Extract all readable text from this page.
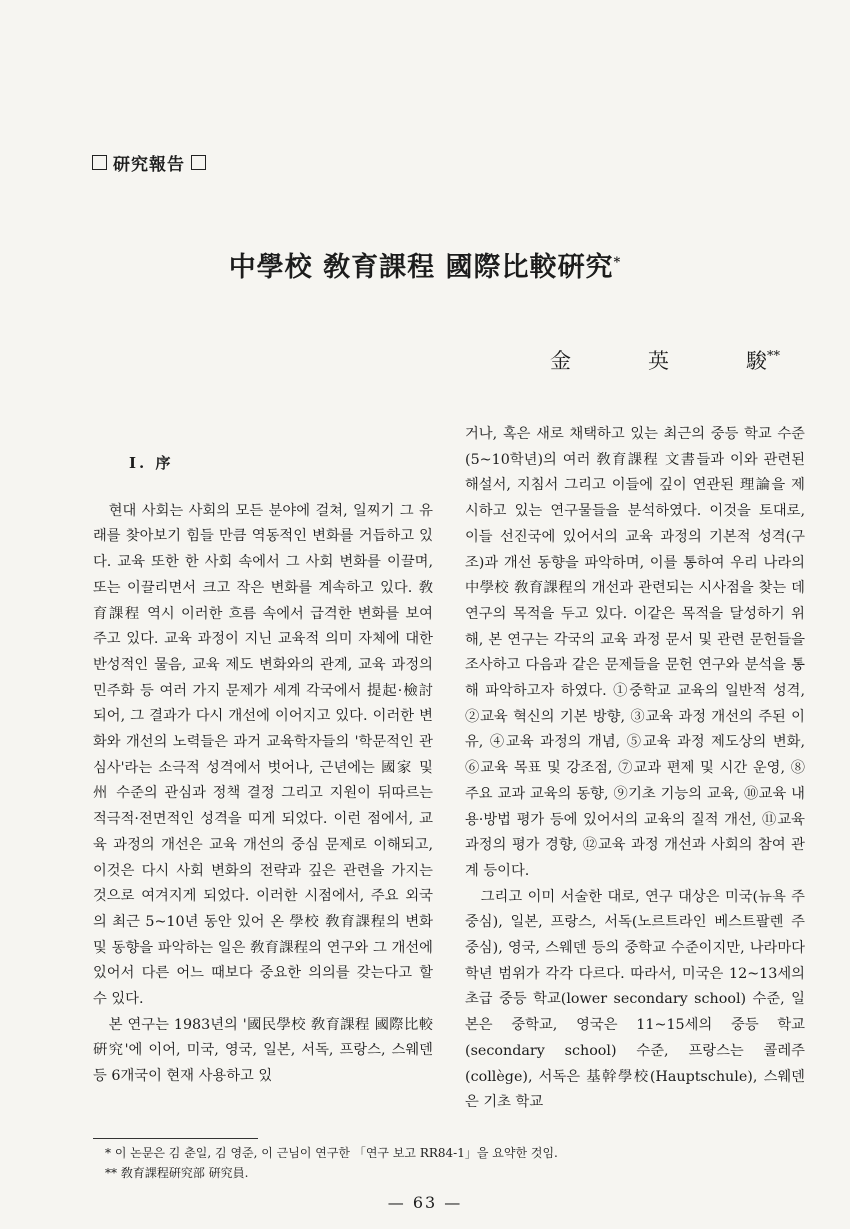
研究報告
中學校 敎育課程 國際比較硏究*
金	英	駿**
I. 序

현대 사회는 사회의 모든 분야에 걸쳐, 일찌기 그 유래를 찾아보기 힘들 만큼 역동적인 변화를 거듭하고 있다. 교육 또한 한 사회 속에서 그 사회 변화를 이끌며, 또는 이끌리면서 크고 작은 변화를 계속하고 있다. 敎育課程 역시 이러한 흐름 속에서 급격한 변화를 보여 주고 있다. 교육 과정이 지닌 교육적 의미 자체에 대한 반성적인 물음, 교육 제도 변화와의 관계, 교육 과정의 민주화 등 여러 가지 문제가 세계 각국에서 提起·檢討되어, 그 결과가 다시 개선에 이어지고 있다. 이러한 변화와 개선의 노력들은 과거 교육학자들의 '학문적인 관심사'라는 소극적 성격에서 벗어나, 근년에는 國家 및 州 수준의 관심과 정책 결정 그리고 지원이 뒤따르는 적극적·전면적인 성격을 띠게 되었다. 이런 점에서, 교육 과정의 개선은 교육 개선의 중심 문제로 이해되고, 이것은 다시 사회 변화의 전략과 깊은 관련을 가지는 것으로 여겨지게 되었다. 이러한 시점에서, 주요 외국의 최근 5~10년 동안 있어 온 學校 敎育課程의 변화 및 동향을 파악하는 일은 敎育課程의 연구와 그 개선에 있어서 다른 어느 때보다 중요한 의의를 갖는다고 할 수 있다.

본 연구는 1983년의 '國民學校 敎育課程 國際比較硏究'에 이어, 미국, 영국, 일본, 서독, 프랑스, 스웨덴 등 6개국이 현재 사용하고 있

거나, 혹은 새로 채택하고 있는 최근의 중등 학교 수준(5~10학년)의 여러 敎育課程 文書들과 이와 관련된 해설서, 지침서 그리고 이들에 깊이 연관된 理論을 제시하고 있는 연구물들을 분석하였다. 이것을 토대로, 이들 선진국에 있어서의 교육 과정의 기본적 성격(구조)과 개선 동향을 파악하며, 이를 통하여 우리 나라의 中學校 敎育課程의 개선과 관련되는 시사점을 찾는 데 연구의 목적을 두고 있다. 이같은 목적을 달성하기 위해, 본 연구는 각국의 교육 과정 문서 및 관련 문헌들을 조사하고 다음과 같은 문제들을 문헌 연구와 분석을 통해 파악하고자 하였다. ①중학교 교육의 일반적 성격, ②교육 혁신의 기본 방향, ③교육 과정 개선의 주된 이유, ④교육 과정의 개념, ⑤교육 과정 제도상의 변화, ⑥교육 목표 및 강조점, ⑦교과 편제 및 시간 운영, ⑧주요 교과 교육의 동향, ⑨기초 기능의 교육, ⑩교육 내용·방법 평가 등에 있어서의 교육의 질적 개선, ⑪교육 과정의 평가 경향, ⑫교육 과정 개선과 사회의 참여 관계 등이다.

그리고 이미 서술한 대로, 연구 대상은 미국(뉴욕 주 중심), 일본, 프랑스, 서독(노르트라인 베스트팔렌 주 중심), 영국, 스웨덴 등의 중학교 수준이지만, 나라마다 학년 범위가 각각 다르다. 따라서, 미국은 12~13세의 초급 중등 학교(lower secondary school) 수준, 일본은 중학교, 영국은 11~15세의 중등 학교(secondary school) 수준, 프랑스는 콜레주(collège), 서독은 基幹學校(Hauptschule), 스웨덴은 기초 학교

* 이 논문은 김 춘일, 김 영준, 이 근님이 연구한 「연구 보고 RR84-1」을 요약한 것임.
** 敎育課程硏究部 硏究員.
— 63 —
